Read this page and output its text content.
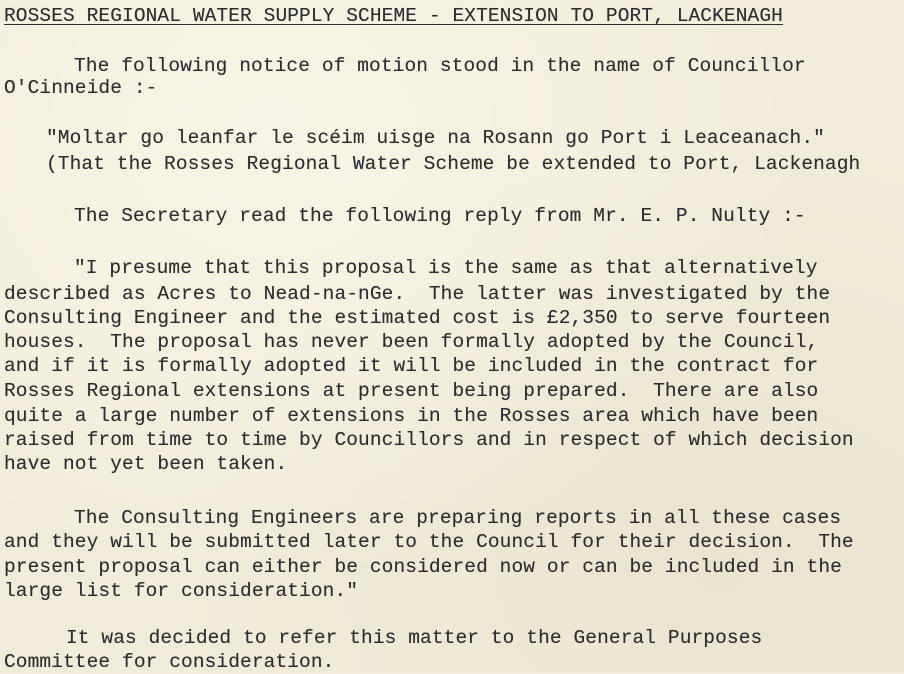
ROSSES REGIONAL WATER SUPPLY SCHEME - EXTENSION TO PORT, LACKENAGH
The following notice of motion stood in the name of Councillor
O'Cinneide :-
"Moltar go leanfar le scéim uisge na Rosann go Port i Leaceanach."
(That the Rosses Regional Water Scheme be extended to Port, Lackenagh
The Secretary read the following reply from Mr. E. P. Nulty :-
"I presume that this proposal is the same as that alternatively
described as Acres to Nead-na-nGe.  The latter was investigated by the
Consulting Engineer and the estimated cost is £2,350 to serve fourteen
houses.  The proposal has never been formally adopted by the Council,
and if it is formally adopted it will be included in the contract for
Rosses Regional extensions at present being prepared.  There are also
quite a large number of extensions in the Rosses area which have been
raised from time to time by Councillors and in respect of which decision
have not yet been taken.
The Consulting Engineers are preparing reports in all these cases
and they will be submitted later to the Council for their decision.  The
present proposal can either be considered now or can be included in the
large list for consideration."
It was decided to refer this matter to the General Purposes
Committee for consideration.
